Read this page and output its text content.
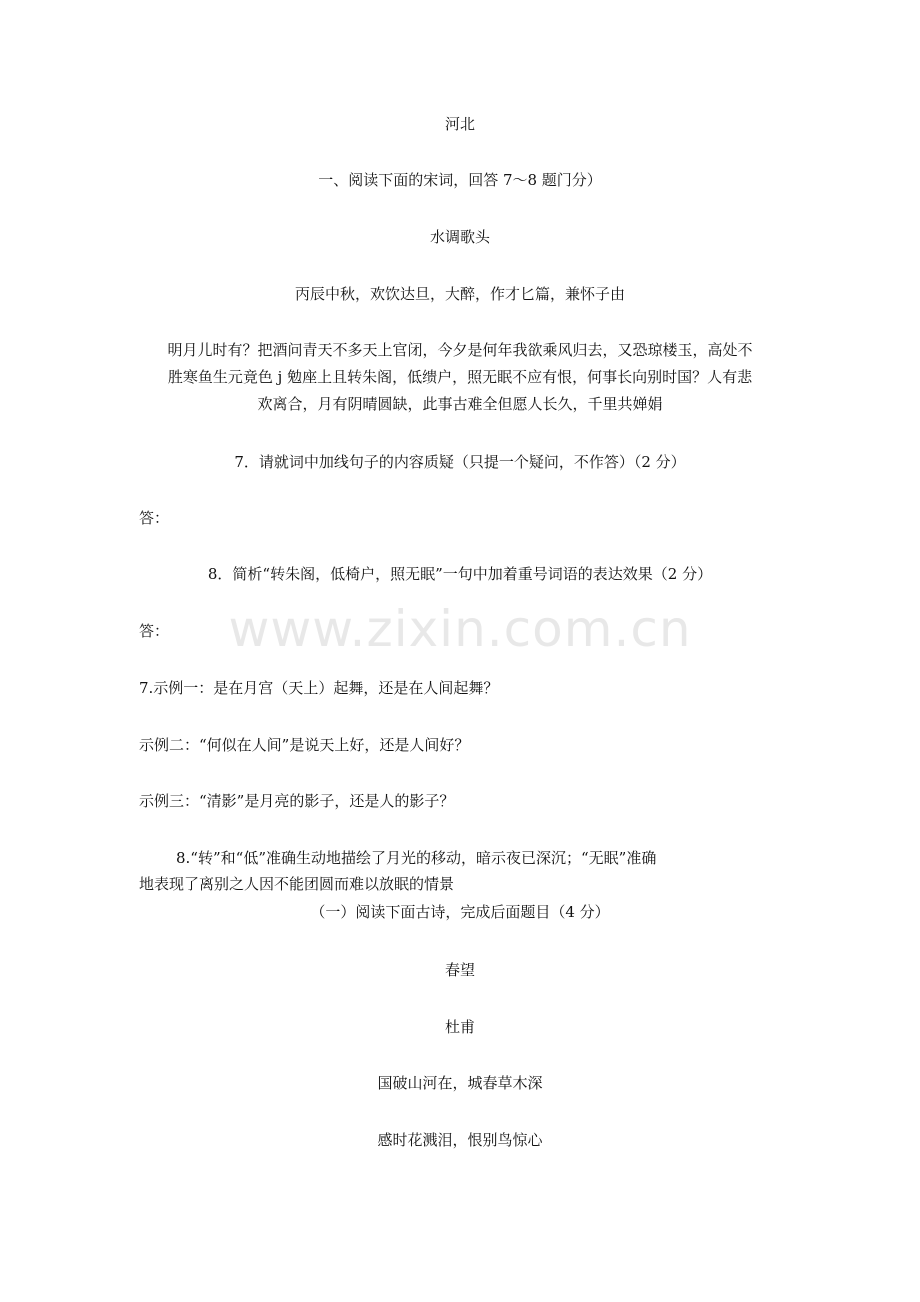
www.zixin.com.cn
河北
一、阅读下面的宋词，回答 7～8 题门分）
水调歌头
丙辰中秋，欢饮达旦，大醉，作才匕篇，兼怀子由
明月儿时有？把酒问青天不多天上官闭，今夕是何年我欲乘风归去，又恐琼楼玉，高处不
胜寒鱼生元竟色 j 勉座上且转朱阁，低缋户，照无眠不应有恨，何事长向别时国？人有悲
欢离合，月有阴晴圆缺，此事古难全但愿人长久，千里共婵娟
7．请就词中加线句子的内容质疑（只提一个疑问，不作答）（2 分）
答：
8．简析“转朱阁，低椅户，照无眠”一句中加着重号词语的表达效果（2 分）
答：
7.示例一：是在月宫（天上）起舞，还是在人间起舞？
示例二：“何似在人间”是说天上好，还是人间好？
示例三：“清影”是月亮的影子，还是人的影子？
8.“转”和“低”准确生动地描绘了月光的移动，暗示夜已深沉；“无眠”准确
地表现了离别之人因不能团圆而难以放眠的情景
（一）阅读下面古诗，完成后面题目（4 分）
春望
杜甫
国破山河在，城春草木深
感时花溅泪，恨别鸟惊心
